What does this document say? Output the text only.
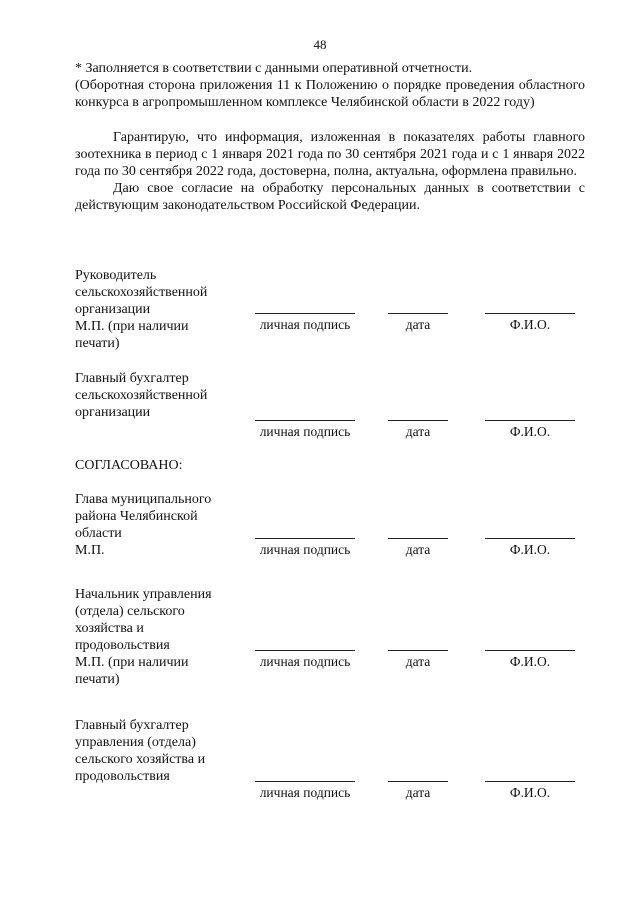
48

* Заполняется в соответствии с данными оперативной отчетности.

(Оборотная сторона приложения 11 к Положению о порядке проведения областного конкурса в агропромышленном комплексе Челябинской области в 2022 году)

Гарантирую, что информация, изложенная в показателях работы главного зоотехника в период с 1 января 2021 года по 30 сентября 2021 года и с 1 января 2022 года по 30 сентября 2022 года, достоверна, полна, актуальна, оформлена правильно.

Даю свое согласие на обработку персональных данных в соответствии с действующим законодательством Российской Федерации.

Руководитель
сельскохозяйственной
организации
М.П. (при наличии
печати)
личная подпись	дата	Ф.И.О.
Главный бухгалтер
сельскохозяйственной
организации
личная подпись	дата	Ф.И.О.
СОГЛАСОВАНО:
Глава муниципального
района Челябинской
области
М.П.	личная подпись	дата	Ф.И.О.
Начальник управления
(отдела) сельского
хозяйства и
продовольствия
М.П. (при наличии
печати)
личная подпись	дата	Ф.И.О.
Главный бухгалтер
управления (отдела)
сельского хозяйства и
продовольствия
личная подпись	дата	Ф.И.О.
